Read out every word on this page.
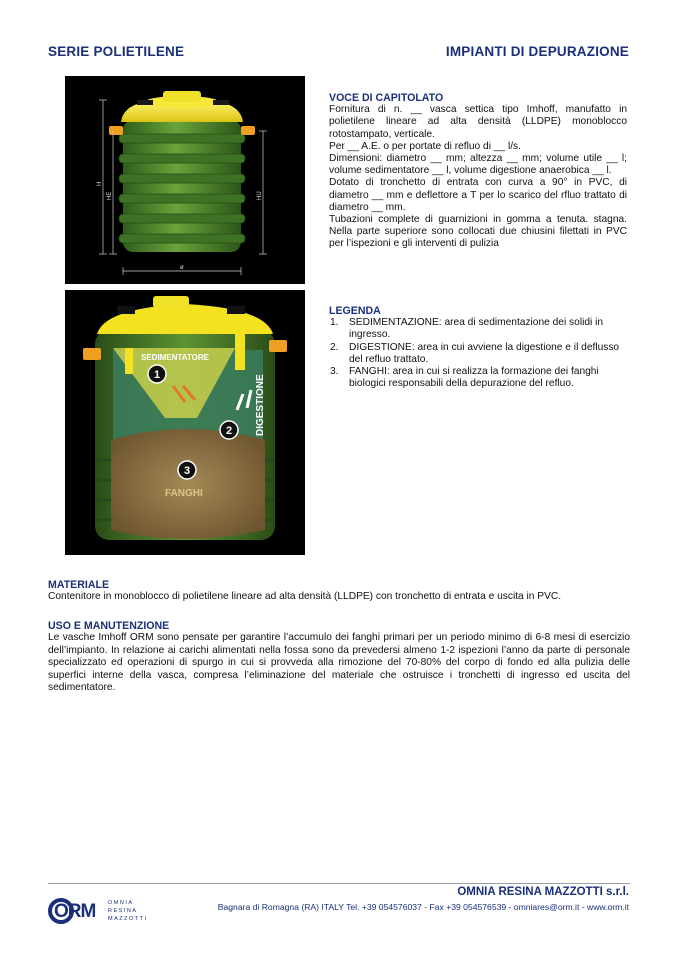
SERIE POLIETILENE	IMPIANTI DI DEPURAZIONE
H
HE	HU
ø
SEDIMENTATORE
DIGESTIONE
FANGHI
1
2
3
VOCE DI CAPITOLATO

Fornitura di n. __ vasca settica tipo Imhoff, manufatto in polietilene lineare ad alta densità (LLDPE) monoblocco rotostampato, verticale.

Per __ A.E. o per portate di refluo di __ l/s.

Dimensioni: diametro __ mm; altezza __ mm; volume utile __ l; volume sedimentatore __ l, volume digestione anaerobica __ l.

Dotato di tronchetto di entrata con curva a 90° in PVC, di diametro __ mm e deflettore a T per lo scarico del rfluo trattato di diametro __ mm.

Tubazioni complete di guarnizioni in gomma a tenuta. stagna. Nella parte superiore sono collocati due chiusini filettati in PVC per l’ispezioni e gli interventi di pulizia

LEGENDA
1. SEDIMENTAZIONE: area di sedimentazione dei solidi in ingresso.
2. DIGESTIONE: area in cui avviene la digestione e il deflusso del refluo trattato.
3. FANGHI: area in cui si realizza la formazione dei fanghi biologici responsabili della depurazione del refluo.
MATERIALE

Contenitore in monoblocco di polietilene lineare ad alta densità (LLDPE) con tronchetto di entrata e uscita in PVC.

USO E MANUTENZIONE

Le vasche Imhoff ORM sono pensate per garantire l’accumulo dei fanghi primari per un periodo minimo di 6-8 mesi di esercizio dell’impianto. In relazione ai carichi alimentati nella fossa sono da prevedersi almeno 1-2 ispezioni l’anno da parte di personale specializzato ed operazioni di spurgo in cui si provveda alla rimozione del 70-80% del corpo di fondo ed alla pulizia delle superfici interne della vasca, compresa l’eliminazione del materiale che ostruisce i tronchetti di ingresso ed uscita del sedimentatore.

ORM OMNIA
RESINA
MAZZOTTI
OMNIA RESINA MAZZOTTI s.r.l.
Bagnara di Romagna (RA) ITALY Tel. +39 054576037 - Fax +39 054576539 - omniares@orm.it - www.orm.it
